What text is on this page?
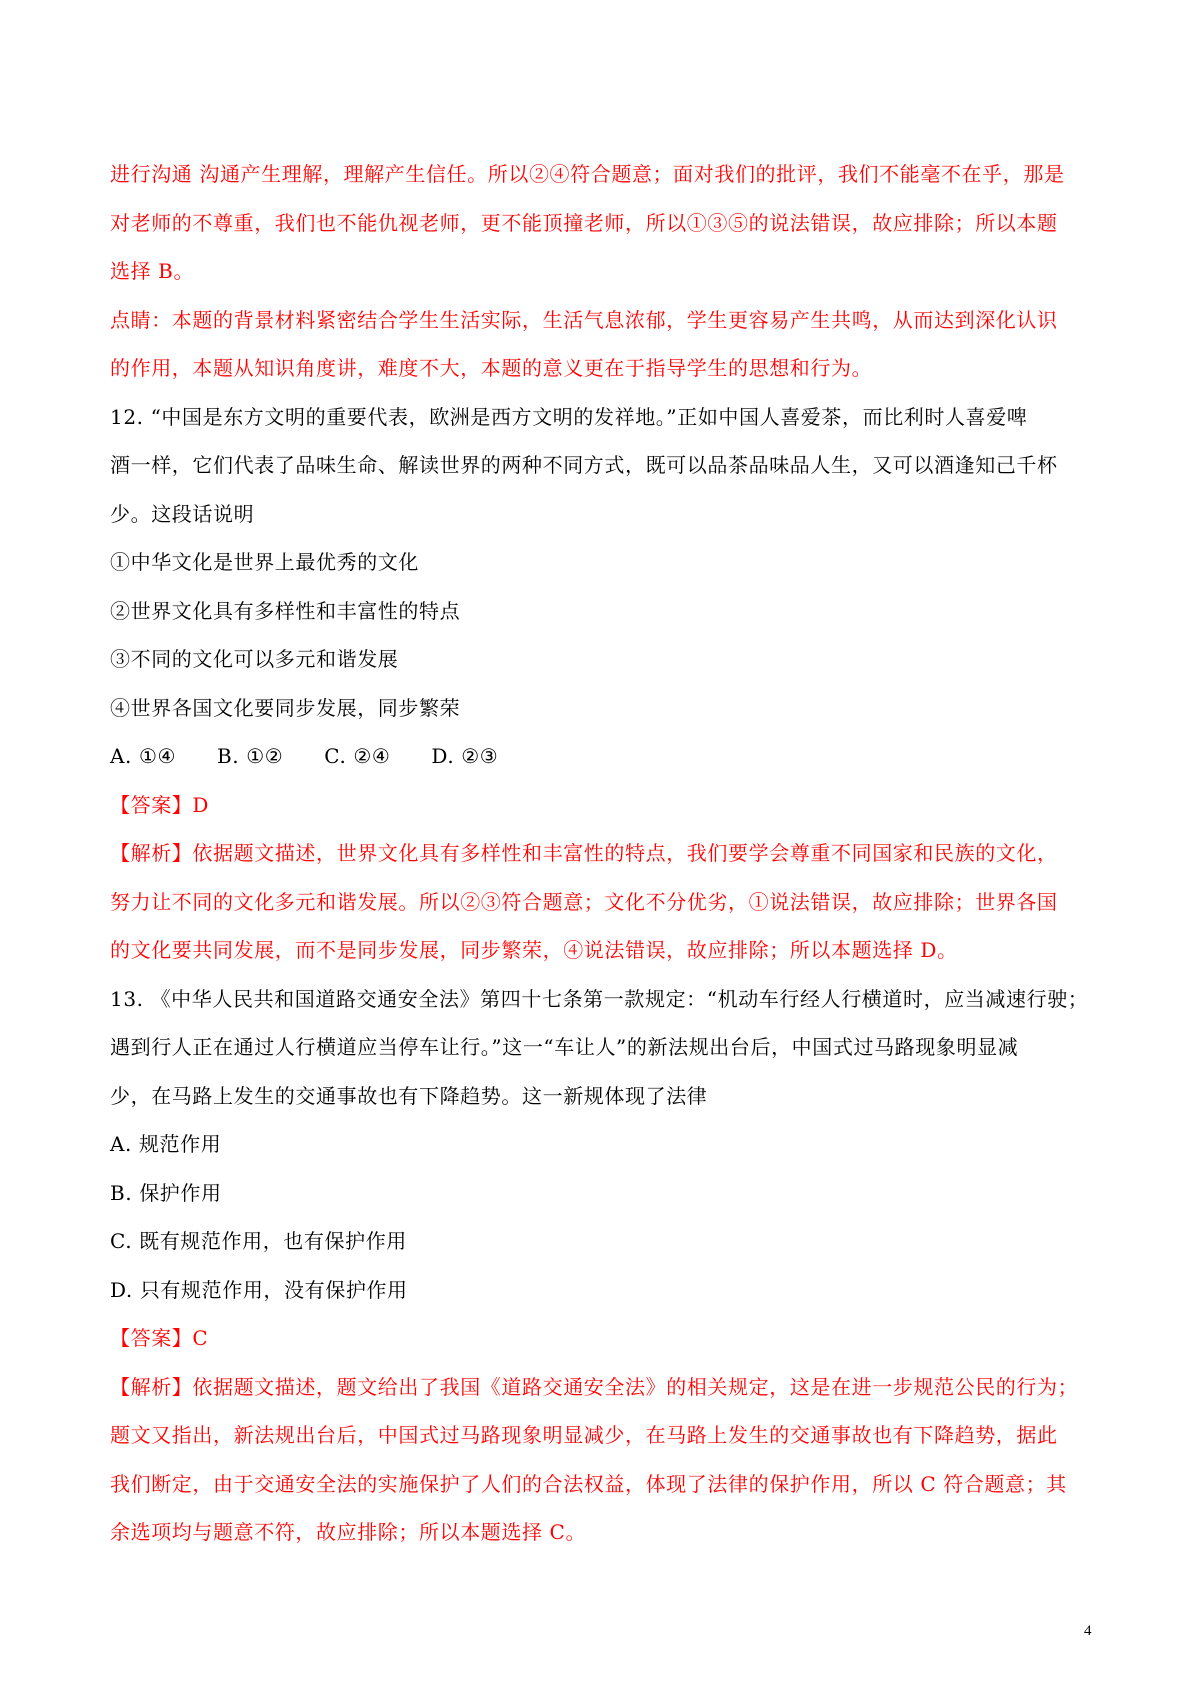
进行沟通 沟通产生理解，理解产生信任。所以②④符合题意；面对我们的批评，我们不能毫不在乎，那是
对老师的不尊重，我们也不能仇视老师，更不能顶撞老师，所以①③⑤的说法错误，故应排除；所以本题
选择 B。
点睛：本题的背景材料紧密结合学生生活实际，生活气息浓郁，学生更容易产生共鸣，从而达到深化认识
的作用，本题从知识角度讲，难度不大，本题的意义更在于指导学生的思想和行为。
12. “中国是东方文明的重要代表，欧洲是西方文明的发祥地。”正如中国人喜爱茶，而比利时人喜爱啤
酒一样，它们代表了品味生命、解读世界的两种不同方式，既可以品茶品味品人生，又可以酒逢知己千杯
少。这段话说明
①中华文化是世界上最优秀的文化
②世界文化具有多样性和丰富性的特点
③不同的文化可以多元和谐发展
④世界各国文化要同步发展，同步繁荣
A. ①④ B. ①② C. ②④ D. ②③
【答案】D
【解析】依据题文描述，世界文化具有多样性和丰富性的特点，我们要学会尊重不同国家和民族的文化，
努力让不同的文化多元和谐发展。所以②③符合题意；文化不分优劣，①说法错误，故应排除；世界各国
的文化要共同发展，而不是同步发展，同步繁荣，④说法错误，故应排除；所以本题选择 D。
13. 《中华人民共和国道路交通安全法》第四十七条第一款规定：“机动车行经人行横道时，应当减速行驶；
遇到行人正在通过人行横道应当停车让行。”这一“车让人”的新法规出台后，中国式过马路现象明显减
少，在马路上发生的交通事故也有下降趋势。这一新规体现了法律
A. 规范作用
B. 保护作用
C. 既有规范作用，也有保护作用
D. 只有规范作用，没有保护作用
【答案】C
【解析】依据题文描述，题文给出了我国《道路交通安全法》的相关规定，这是在进一步规范公民的行为；
题文又指出，新法规出台后，中国式过马路现象明显减少，在马路上发生的交通事故也有下降趋势，据此
我们断定，由于交通安全法的实施保护了人们的合法权益，体现了法律的保护作用，所以 C 符合题意；其
余选项均与题意不符，故应排除；所以本题选择 C。
4
